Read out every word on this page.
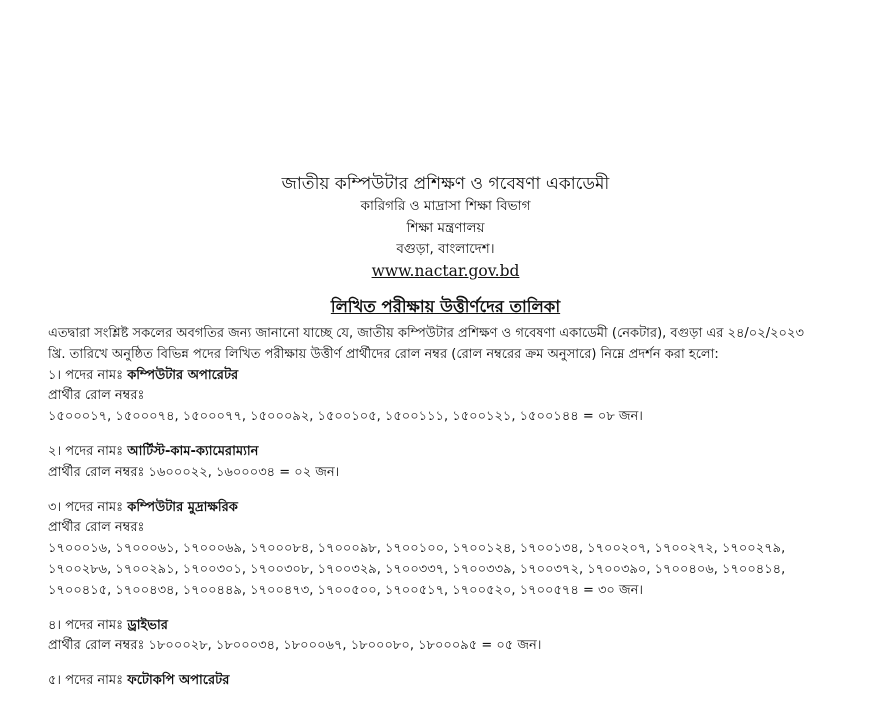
জাতীয় কম্পিউটার প্রশিক্ষণ ও গবেষণা একাডেমী
কারিগরি ও মাদ্রাসা শিক্ষা বিভাগ
শিক্ষা মন্ত্রণালয়
বগুড়া, বাংলাদেশ।
www.nactar.gov.bd
লিখিত পরীক্ষায় উত্তীর্ণদের তালিকা

এতদ্বারা সংশ্লিষ্ট সকলের অবগতির জন্য জানানো যাচ্ছে যে, জাতীয় কম্পিউটার প্রশিক্ষণ ও গবেষণা একাডেমী (নেকটার), বগুড়া এর ২৪/০২/২০২৩
খ্রি. তারিখে অনুষ্ঠিত বিভিন্ন পদের লিখিত পরীক্ষায় উত্তীর্ণ প্রার্থীদের রোল নম্বর (রোল নম্বরের ক্রম অনুসারে) নিম্নে প্রদর্শন করা হলো:

১। পদের নামঃ কম্পিউটার অপারেটর
প্রার্থীর রোল নম্বরঃ
১৫০০০১৭, ১৫০০০৭৪, ১৫০০০৭৭, ১৫০০০৯২, ১৫০০১০৫, ১৫০০১১১, ১৫০০১২১, ১৫০০১৪৪ = ০৮ জন।
২। পদের নামঃ আর্টিস্ট-কাম-ক্যামেরাম্যান
প্রার্থীর রোল নম্বরঃ ১৬০০০২২, ১৬০০০৩৪ = ০২ জন।
৩। পদের নামঃ কম্পিউটার মুদ্রাক্ষরিক
প্রার্থীর রোল নম্বরঃ
১৭০০০১৬, ১৭০০০৬১, ১৭০০০৬৯, ১৭০০০৮৪, ১৭০০০৯৮, ১৭০০১০০, ১৭০০১২৪, ১৭০০১৩৪, ১৭০০২০৭, ১৭০০২৭২, ১৭০০২৭৯,
১৭০০২৮৬, ১৭০০২৯১, ১৭০০৩০১, ১৭০০৩০৮, ১৭০০৩২৯, ১৭০০৩৩৭, ১৭০০৩৩৯, ১৭০০৩৭২, ১৭০০৩৯০, ১৭০০৪০৬, ১৭০০৪১৪,
১৭০০৪১৫, ১৭০০৪৩৪, ১৭০০৪৪৯, ১৭০০৪৭৩, ১৭০০৫০০, ১৭০০৫১৭, ১৭০০৫২০, ১৭০০৫৭৪ = ৩০ জন।
৪। পদের নামঃ ড্রাইভার
প্রার্থীর রোল নম্বরঃ ১৮০০০২৮, ১৮০০০৩৪, ১৮০০০৬৭, ১৮০০০৮০, ১৮০০০৯৫ = ০৫ জন।
৫। পদের নামঃ ফটোকপি অপারেটর
